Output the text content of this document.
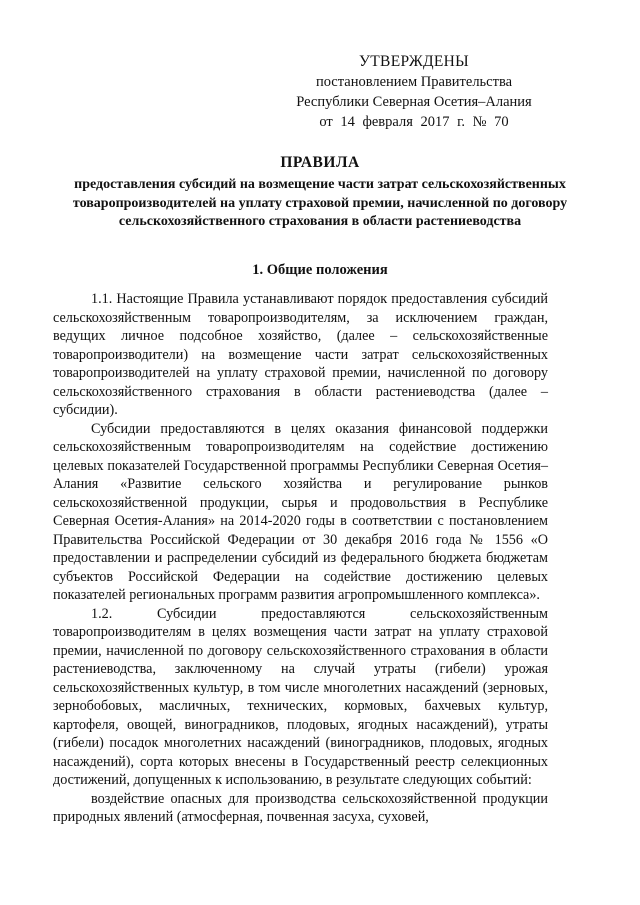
УТВЕРЖДЕНЫ
постановлением Правительства
Республики Северная Осетия–Алания
от 14 февраля 2017 г. № 70
ПРАВИЛА
предоставления субсидий на возмещение части затрат сельскохозяйственных товаропроизводителей на уплату страховой премии, начисленной по договору сельскохозяйственного страхования в области растениеводства
1. Общие положения

1.1. Настоящие Правила устанавливают порядок предоставления субсидий сельскохозяйственным товаропроизводителям, за исключением граждан, ведущих личное подсобное хозяйство, (далее – сельскохозяйственные товаропроизводители) на возмещение части затрат сельскохозяйственных товаропроизводителей на уплату страховой премии, начисленной по договору сельскохозяйственного страхования в области растениеводства (далее – субсидии).

Субсидии предоставляются в целях оказания финансовой поддержки сельскохозяйственным товаропроизводителям на содействие достижению целевых показателей Государственной программы Республики Северная Осетия–Алания «Развитие сельского хозяйства и регулирование рынков сельскохозяйственной продукции, сырья и продовольствия в Республике Северная Осетия-Алания» на 2014-2020 годы в соответствии с постановлением Правительства Российской Федерации от 30 декабря 2016 года № 1556 «О предоставлении и распределении субсидий из федерального бюджета бюджетам субъектов Российской Федерации на содействие достижению целевых показателей региональных программ развития агропромышленного комплекса».

1.2. Субсидии предоставляются сельскохозяйственным товаропроизводителям в целях возмещения части затрат на уплату страховой премии, начисленной по договору сельскохозяйственного страхования в области растениеводства, заключенному на случай утраты (гибели) урожая сельскохозяйственных культур, в том числе многолетних насаждений (зерновых, зернобобовых, масличных, технических, кормовых, бахчевых культур, картофеля, овощей, виноградников, плодовых, ягодных насаждений), утраты (гибели) посадок многолетних насаждений (виноградников, плодовых, ягодных насаждений), сорта которых внесены в Государственный реестр селекционных достижений, допущенных к использованию, в результате следующих событий:

воздействие опасных для производства сельскохозяйственной продукции природных явлений (атмосферная, почвенная засуха, суховей,
